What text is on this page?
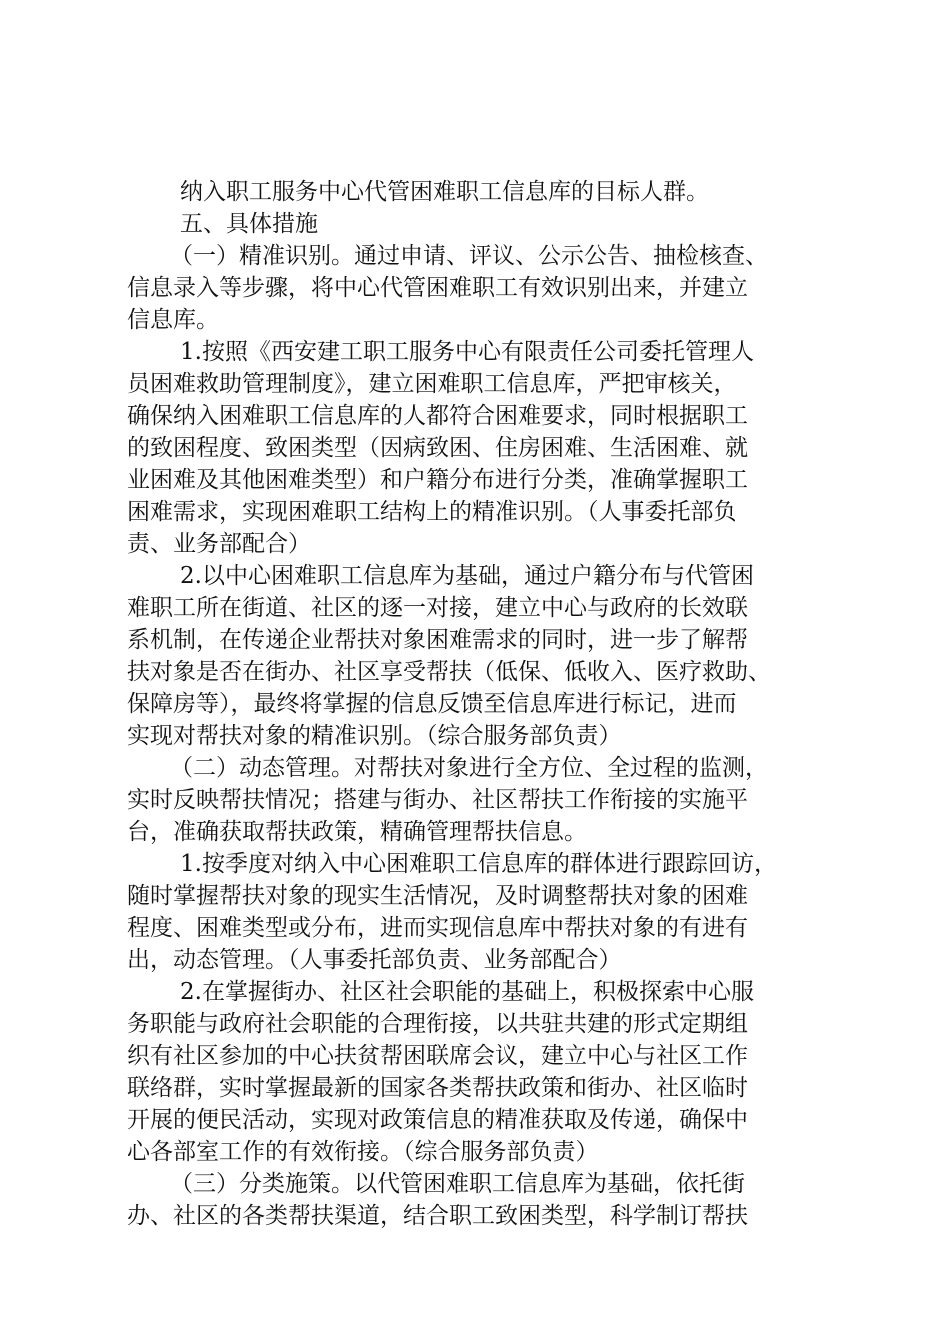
纳入职工服务中心代管困难职工信息库的目标人群。

五、具体措施

（一）精准识别。通过申请、评议、公示公告、抽检核查、

信息录入等步骤，将中心代管困难职工有效识别出来，并建立

信息库。

1.按照《西安建工职工服务中心有限责任公司委托管理人

员困难救助管理制度》，建立困难职工信息库，严把审核关，

确保纳入困难职工信息库的人都符合困难要求，同时根据职工

的致困程度、致困类型（因病致困、住房困难、生活困难、就

业困难及其他困难类型）和户籍分布进行分类，准确掌握职工

困难需求，实现困难职工结构上的精准识别。（人事委托部负

责、业务部配合）

2.以中心困难职工信息库为基础，通过户籍分布与代管困

难职工所在街道、社区的逐一对接，建立中心与政府的长效联

系机制，在传递企业帮扶对象困难需求的同时，进一步了解帮

扶对象是否在街办、社区享受帮扶（低保、低收入、医疗救助、

保障房等），最终将掌握的信息反馈至信息库进行标记，进而

实现对帮扶对象的精准识别。（综合服务部负责）

（二）动态管理。对帮扶对象进行全方位、全过程的监测，

实时反映帮扶情况；搭建与街办、社区帮扶工作衔接的实施平

台，准确获取帮扶政策，精确管理帮扶信息。

1.按季度对纳入中心困难职工信息库的群体进行跟踪回访，

随时掌握帮扶对象的现实生活情况，及时调整帮扶对象的困难

程度、困难类型或分布，进而实现信息库中帮扶对象的有进有

出，动态管理。（人事委托部负责、业务部配合）

2.在掌握街办、社区社会职能的基础上，积极探索中心服

务职能与政府社会职能的合理衔接，以共驻共建的形式定期组

织有社区参加的中心扶贫帮困联席会议，建立中心与社区工作

联络群，实时掌握最新的国家各类帮扶政策和街办、社区临时

开展的便民活动，实现对政策信息的精准获取及传递，确保中

心各部室工作的有效衔接。（综合服务部负责）

（三）分类施策。以代管困难职工信息库为基础，依托街

办、社区的各类帮扶渠道，结合职工致困类型，科学制订帮扶
